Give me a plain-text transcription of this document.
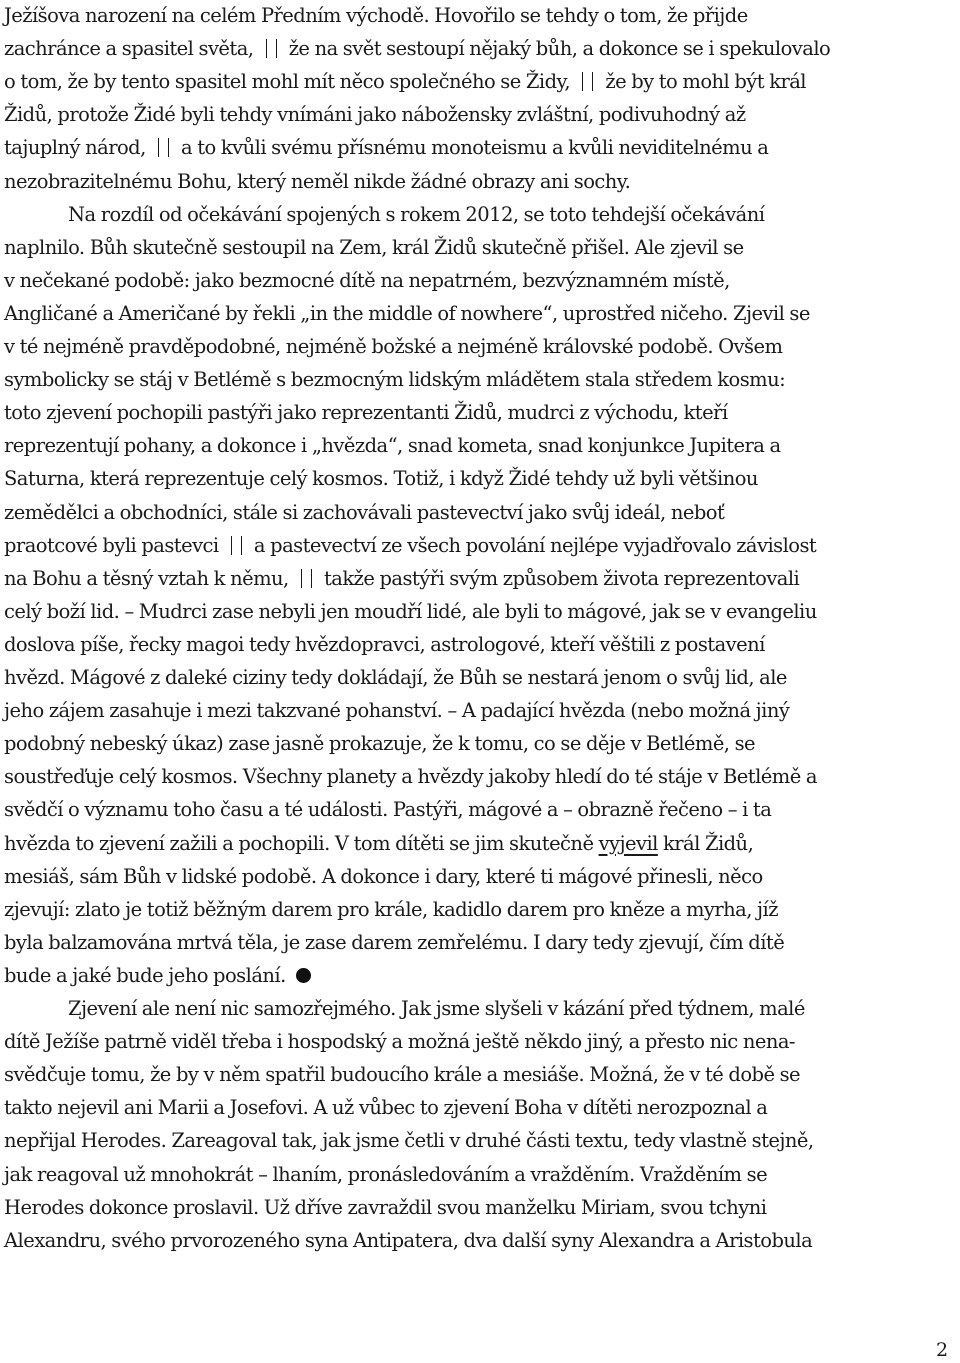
Ježíšova narození na celém Předním východě. Hovořilo se tehdy o tom, že přijde
zachránce a spasitel světa,  že na svět sestoupí nějaký bůh, a dokonce se i spekulovalo
o tom, že by tento spasitel mohl mít něco společného se Židy,  že by to mohl být král
Židů, protože Židé byli tehdy vnímáni jako nábožensky zvláštní, podivuhodný až
tajuplný národ,  a to kvůli svému přísnému monoteismu a kvůli neviditelnému a
nezobrazitelnému Bohu, který neměl nikde žádné obrazy ani sochy.
Na rozdíl od očekávání spojených s rokem 2012, se toto tehdejší očekávání
naplnilo. Bůh skutečně sestoupil na Zem, král Židů skutečně přišel. Ale zjevil se
v nečekané podobě: jako bezmocné dítě na nepatrném, bezvýznamném místě,
Angličané a Američané by řekli „in the middle of nowhere“, uprostřed ničeho. Zjevil se
v té nejméně pravděpodobné, nejméně božské a nejméně královské podobě. Ovšem
symbolicky se stáj v Betlémě s bezmocným lidským mládětem stala středem kosmu:
toto zjevení pochopili pastýři jako reprezentanti Židů, mudrci z východu, kteří
reprezentují pohany, a dokonce i „hvězda“, snad kometa, snad konjunkce Jupitera a
Saturna, která reprezentuje celý kosmos. Totiž, i když Židé tehdy už byli většinou
zemědělci a obchodníci, stále si zachovávali pastevectví jako svůj ideál, neboť
praotcové byli pastevci  a pastevectví ze všech povolání nejlépe vyjadřovalo závislost
na Bohu a těsný vztah k němu,  takže pastýři svým způsobem života reprezentovali
celý boží lid. – Mudrci zase nebyli jen moudří lidé, ale byli to mágové, jak se v evangeliu
doslova píše, řecky magoi tedy hvězdopravci, astrologové, kteří věštili z postavení
hvězd. Mágové z daleké ciziny tedy dokládají, že Bůh se nestará jenom o svůj lid, ale
jeho zájem zasahuje i mezi takzvané pohanství. – A padající hvězda (nebo možná jiný
podobný nebeský úkaz) zase jasně prokazuje, že k tomu, co se děje v Betlémě, se
soustřeďuje celý kosmos. Všechny planety a hvězdy jakoby hledí do té stáje v Betlémě a
svědčí o významu toho času a té události. Pastýři, mágové a – obrazně řečeno – i ta
hvězda to zjevení zažili a pochopili. V tom dítěti se jim skutečně vyjevil král Židů,
mesiáš, sám Bůh v lidské podobě. A dokonce i dary, které ti mágové přinesli, něco
zjevují: zlato je totiž běžným darem pro krále, kadidlo darem pro kněze a myrha, jíž
byla balzamována mrtvá těla, je zase darem zemřelému. I dary tedy zjevují, čím dítě
bude a jaké bude jeho poslání.
Zjevení ale není nic samozřejmého. Jak jsme slyšeli v kázání před týdnem, malé
dítě Ježíše patrně viděl třeba i hospodský a možná ještě někdo jiný, a přesto nic nena-
svědčuje tomu, že by v něm spatřil budoucího krále a mesiáše. Možná, že v té době se
takto nejevil ani Marii a Josefovi. A už vůbec to zjevení Boha v dítěti nerozpoznal a
nepřijal Herodes. Zareagoval tak, jak jsme četli v druhé části textu, tedy vlastně stejně,
jak reagoval už mnohokrát – lhaním, pronásledováním a vražděním. Vražděním se
Herodes dokonce proslavil. Už dříve zavraždil svou manželku Miriam, svou tchyni
Alexandru, svého prvorozeného syna Antipatera, dva další syny Alexandra a Aristobula
2
